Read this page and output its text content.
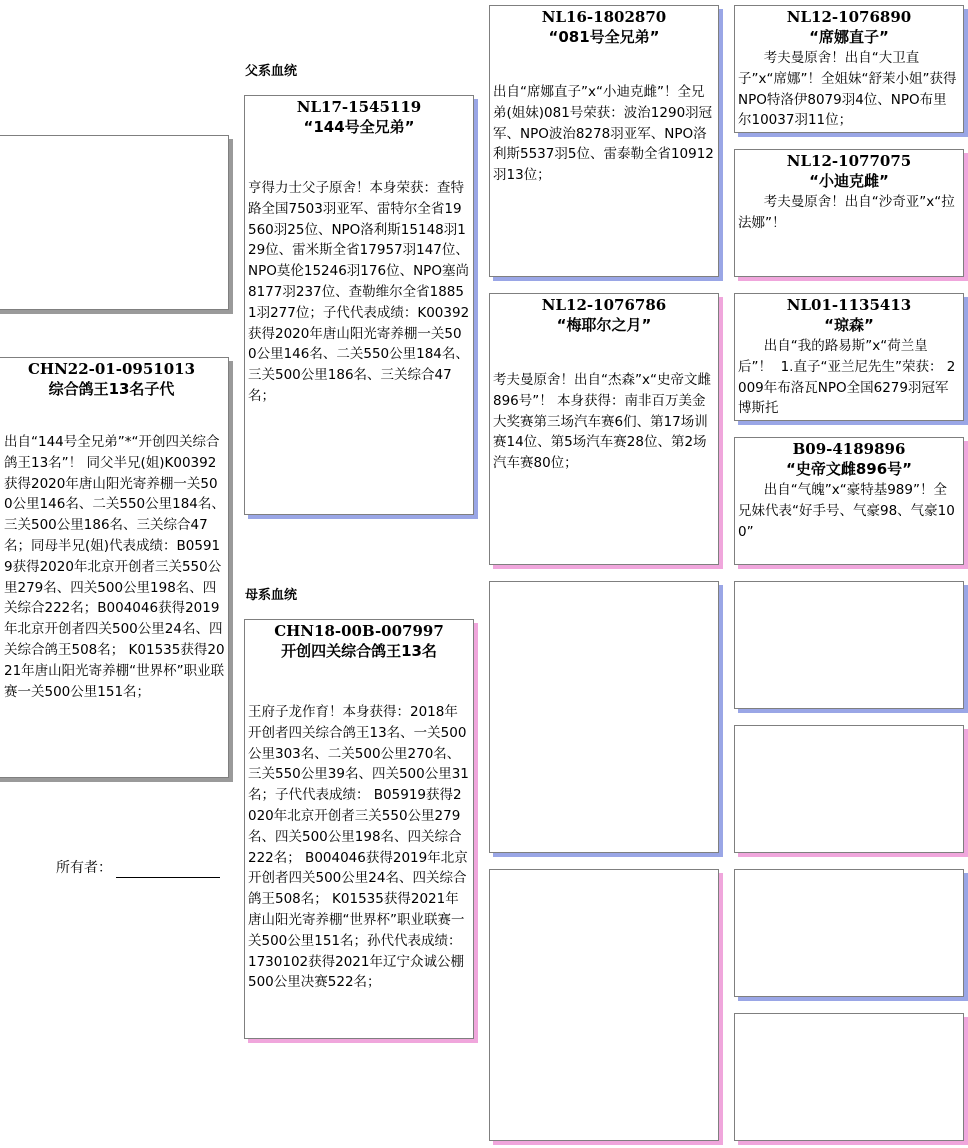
CHN22-01-0951013
综合鸽王13名子代
出自“144号全兄弟”*“开创四关综合鸽王13名”！ 同父半兄(姐)K00392获得2020年唐山阳光寄养棚一关500公里146名、二关550公里184名、三关500公里186名、三关综合47名；同母半兄(姐)代表成绩：B05919获得2020年北京开创者三关550公里279名、四关500公里198名、四关综合222名；B004046获得2019年北京开创者四关500公里24名、四关综合鸽王508名； K01535获得2021年唐山阳光寄养棚“世界杯”职业联赛一关500公里151名；
所有者：
父系血统
母系血统
NL17-1545119
“144号全兄弟”
亨得力士父子原舍！本身荣获：查特路全国7503羽亚军、雷特尔全省19560羽25位、NPO洛利斯15148羽129位、雷米斯全省17957羽147位、NPO莫伦15246羽176位、NPO塞尚8177羽237位、查勒维尔全省18851羽277位；子代代表成绩：K00392获得2020年唐山阳光寄养棚一关500公里146名、二关550公里184名、三关500公里186名、三关综合47名；
CHN18-00B-007997
开创四关综合鸽王13名
王府子龙作育！本身获得：2018年开创者四关综合鸽王13名、一关500公里303名、二关500公里270名、三关550公里39名、四关500公里31名；子代代表成绩： B05919获得2020年北京开创者三关550公里279名、四关500公里198名、四关综合222名； B004046获得2019年北京开创者四关500公里24名、四关综合鸽王508名； K01535获得2021年唐山阳光寄养棚“世界杯”职业联赛一关500公里151名；孙代代表成绩：1730102获得2021年辽宁众诚公棚500公里决赛522名；
NL16-1802870
“081号全兄弟”
出自“席娜直子”x“小迪克雌”！全兄弟(姐妹)081号荣获：波治1290羽冠军、NPO波治8278羽亚军、NPO洛利斯5537羽5位、雷泰勒全省10912羽13位；
NL12-1076786
“梅耶尔之月”
考夫曼原舍！出自“杰森”x“史帝文雌896号”！ 本身获得：南非百万美金大奖赛第三场汽车赛6们、第17场训赛14位、第5场汽车赛28位、第2场汽车赛80位；
NL12-1076890
“席娜直子”
考夫曼原舍！出自“大卫直子”x“席娜”！全姐妹“舒茉小姐”获得NPO特洛伊8079羽4位、NPO布里尔10037羽11位；
NL12-1077075
“小迪克雌”
考夫曼原舍！出自“沙奇亚”x“拉法娜”！
NL01-1135413
“琼森”
出自“我的路易斯”x“荷兰皇后”！  1.直子“亚兰尼先生”荣获： 2009年布洛瓦NPO全国6279羽冠军博斯托
B09-4189896
“史帝文雌896号”
出自“气魄”x“豪特基989”！全兄妹代表“好手号、气豪98、气豪100”
